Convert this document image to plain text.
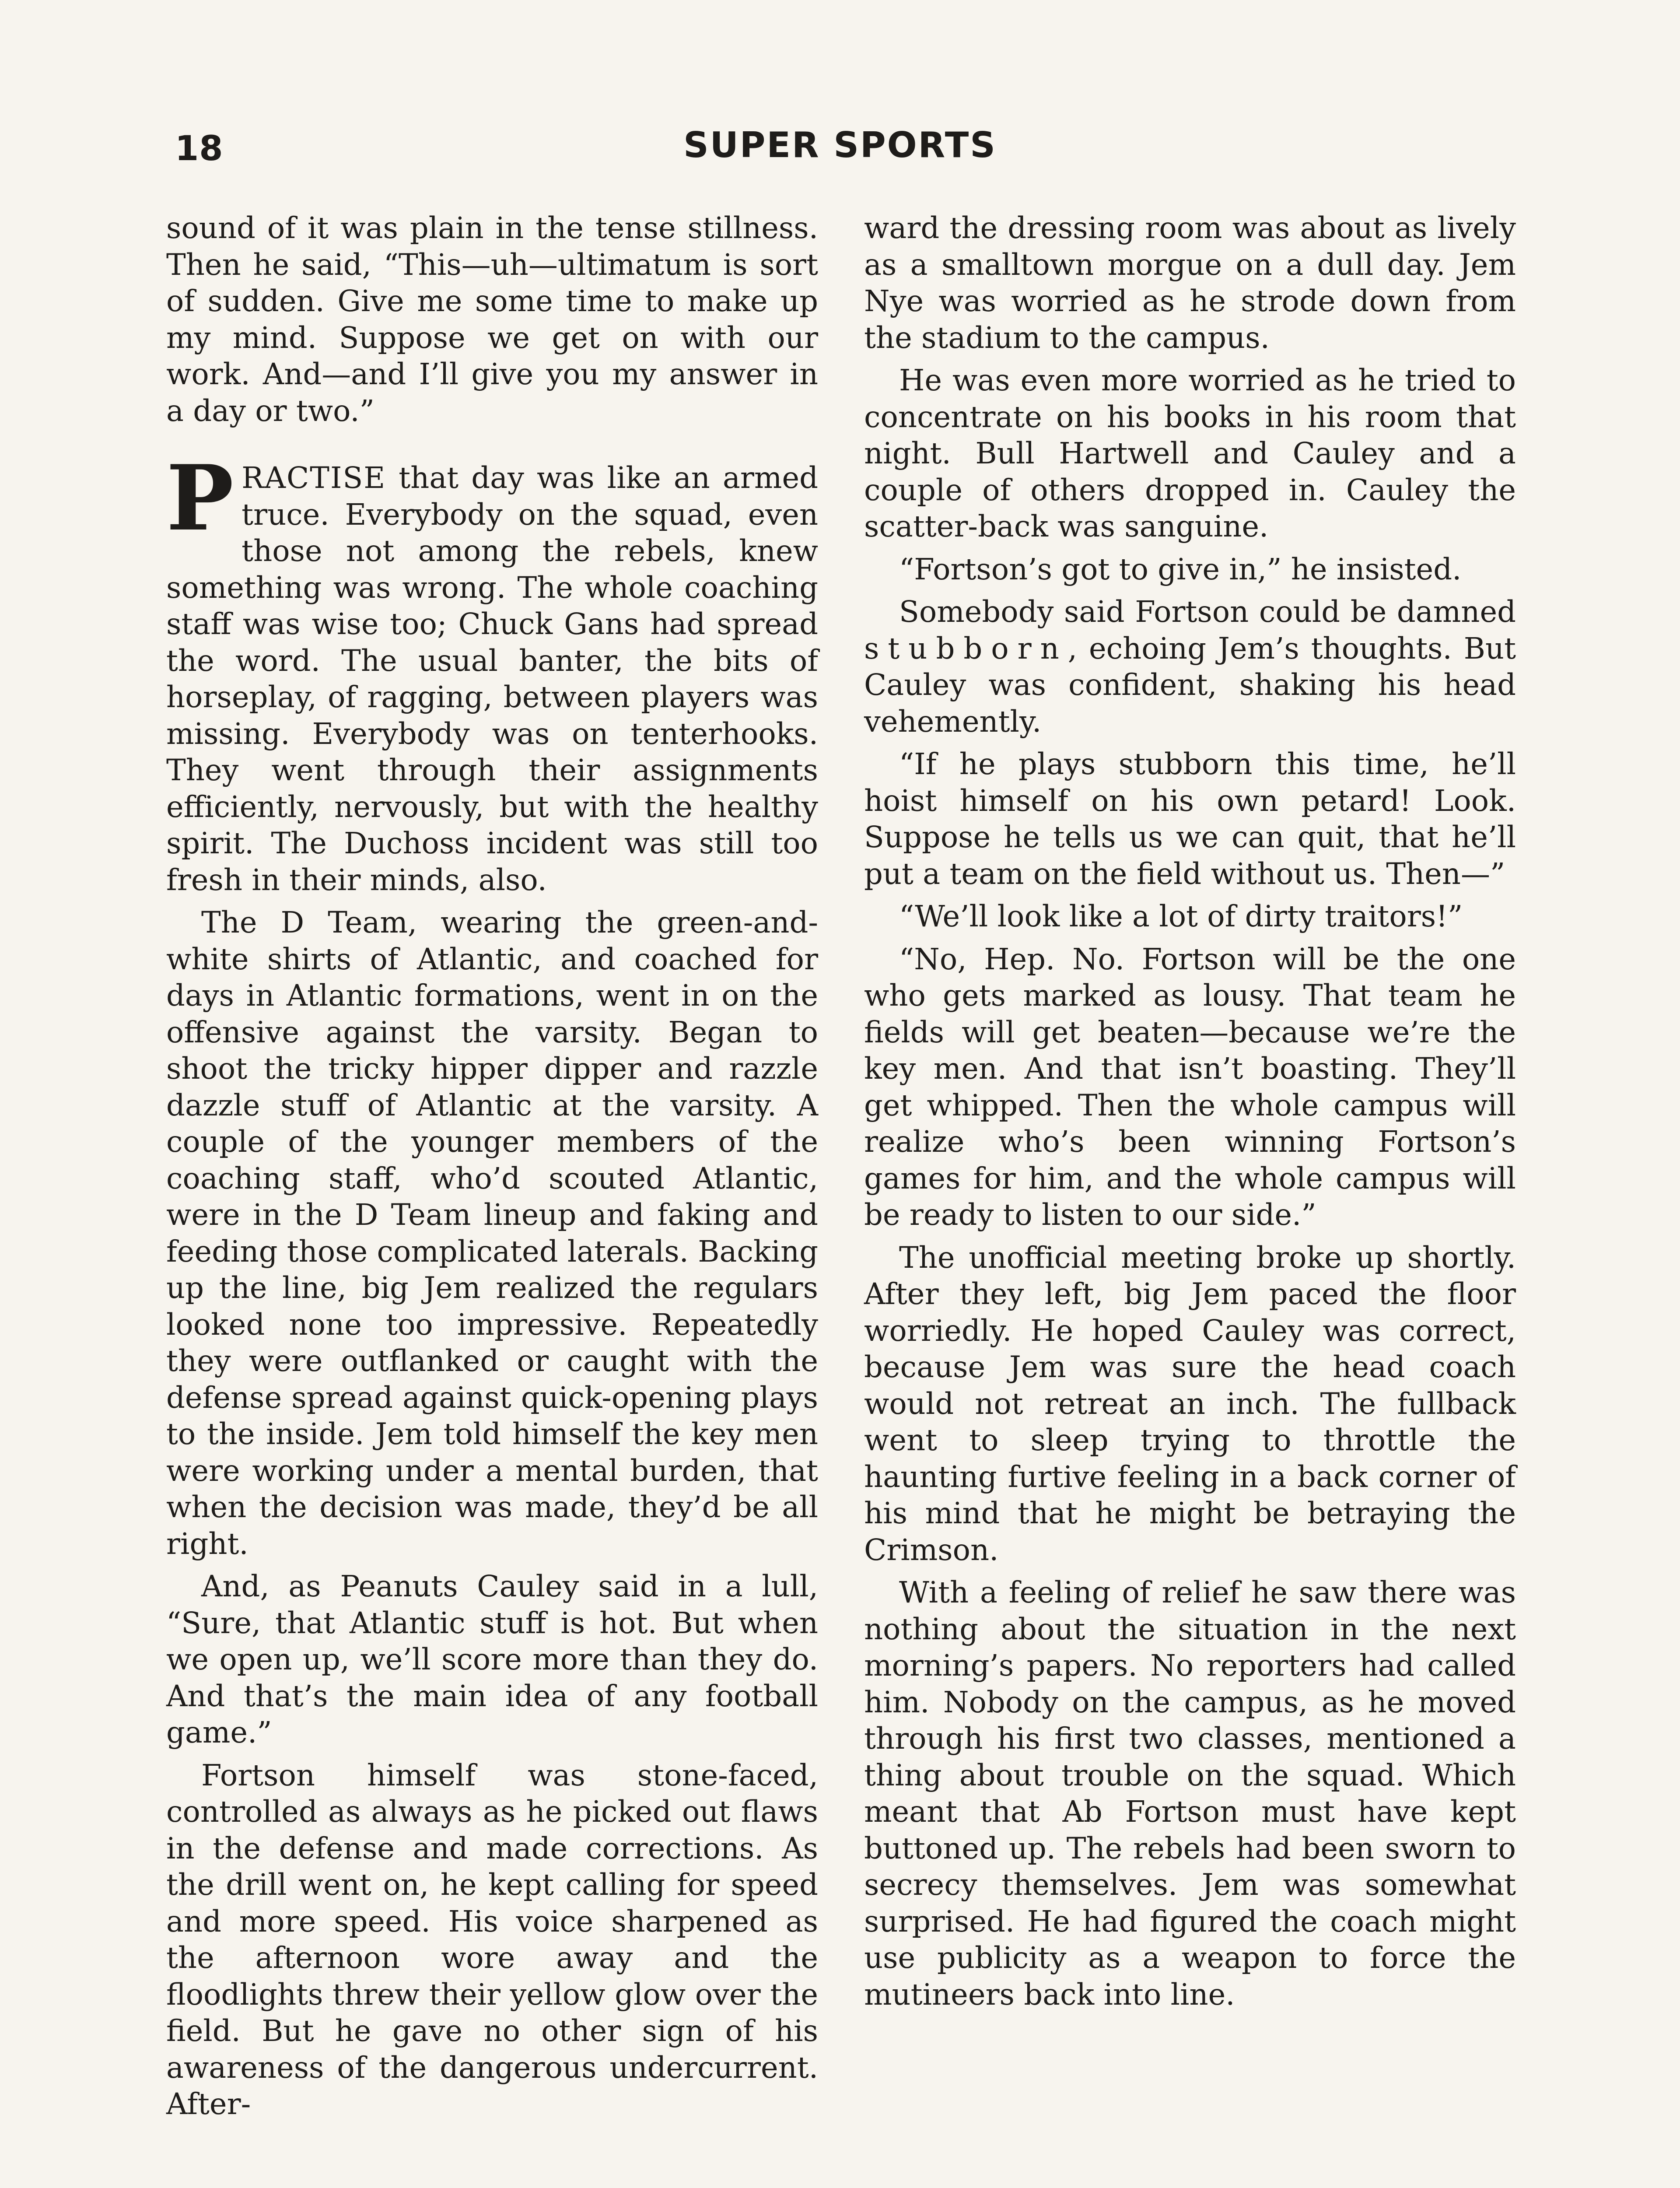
18	SUPER SPORTS

sound of it was plain in the tense stillness. Then he said, “This—uh—ultimatum is sort of sudden. Give me some time to make up my mind. Suppose we get on with our work. And—and I’ll give you my answer in a day or two.”

PRACTISE that day was like an armed truce. Everybody on the squad, even those not among the rebels, knew something was wrong. The whole coaching staff was wise too; Chuck Gans had spread the word. The usual banter, the bits of horseplay, of ragging, between players was missing. Everybody was on tenterhooks. They went through their assignments efficiently, nervously, but with the healthy spirit. The Duchoss incident was still too fresh in their minds, also.

The D Team, wearing the green-and-white shirts of Atlantic, and coached for days in Atlantic formations, went in on the offensive against the varsity. Began to shoot the tricky hipper dipper and razzle dazzle stuff of Atlantic at the varsity. A couple of the younger members of the coaching staff, who’d scouted Atlantic, were in the D Team lineup and faking and feeding those complicated laterals. Backing up the line, big Jem realized the regulars looked none too impressive. Repeatedly they were outflanked or caught with the defense spread against quick-opening plays to the inside. Jem told himself the key men were working under a mental burden, that when the decision was made, they’d be all right.

And, as Peanuts Cauley said in a lull, “Sure, that Atlantic stuff is hot. But when we open up, we’ll score more than they do. And that’s the main idea of any football game.”

Fortson himself was stone-faced, controlled as always as he picked out flaws in the defense and made corrections. As the drill went on, he kept calling for speed and more speed. His voice sharpened as the afternoon wore away and the floodlights threw their yellow glow over the field. But he gave no other sign of his awareness of the dangerous undercurrent. After-

ward the dressing room was about as lively as a smalltown morgue on a dull day. Jem Nye was worried as he strode down from the stadium to the campus.

He was even more worried as he tried to concentrate on his books in his room that night. Bull Hartwell and Cauley and a couple of others dropped in. Cauley the scatter-back was sanguine.

“Fortson’s got to give in,” he insisted.

Somebody said Fortson could be damned stubborn, echoing Jem’s thoughts. But Cauley was confident, shaking his head vehemently.

“If he plays stubborn this time, he’ll hoist himself on his own petard! Look. Suppose he tells us we can quit, that he’ll put a team on the field without us. Then—”

“We’ll look like a lot of dirty traitors!”

“No, Hep. No. Fortson will be the one who gets marked as lousy. That team he fields will get beaten—because we’re the key men. And that isn’t boasting. They’ll get whipped. Then the whole campus will realize who’s been winning Fortson’s games for him, and the whole campus will be ready to listen to our side.”

The unofficial meeting broke up shortly. After they left, big Jem paced the floor worriedly. He hoped Cauley was correct, because Jem was sure the head coach would not retreat an inch. The fullback went to sleep trying to throttle the haunting furtive feeling in a back corner of his mind that he might be betraying the Crimson.

With a feeling of relief he saw there was nothing about the situation in the next morning’s papers. No reporters had called him. Nobody on the campus, as he moved through his first two classes, mentioned a thing about trouble on the squad. Which meant that Ab Fortson must have kept buttoned up. The rebels had been sworn to secrecy themselves. Jem was somewhat surprised. He had figured the coach might use publicity as a weapon to force the mutineers back into line.
